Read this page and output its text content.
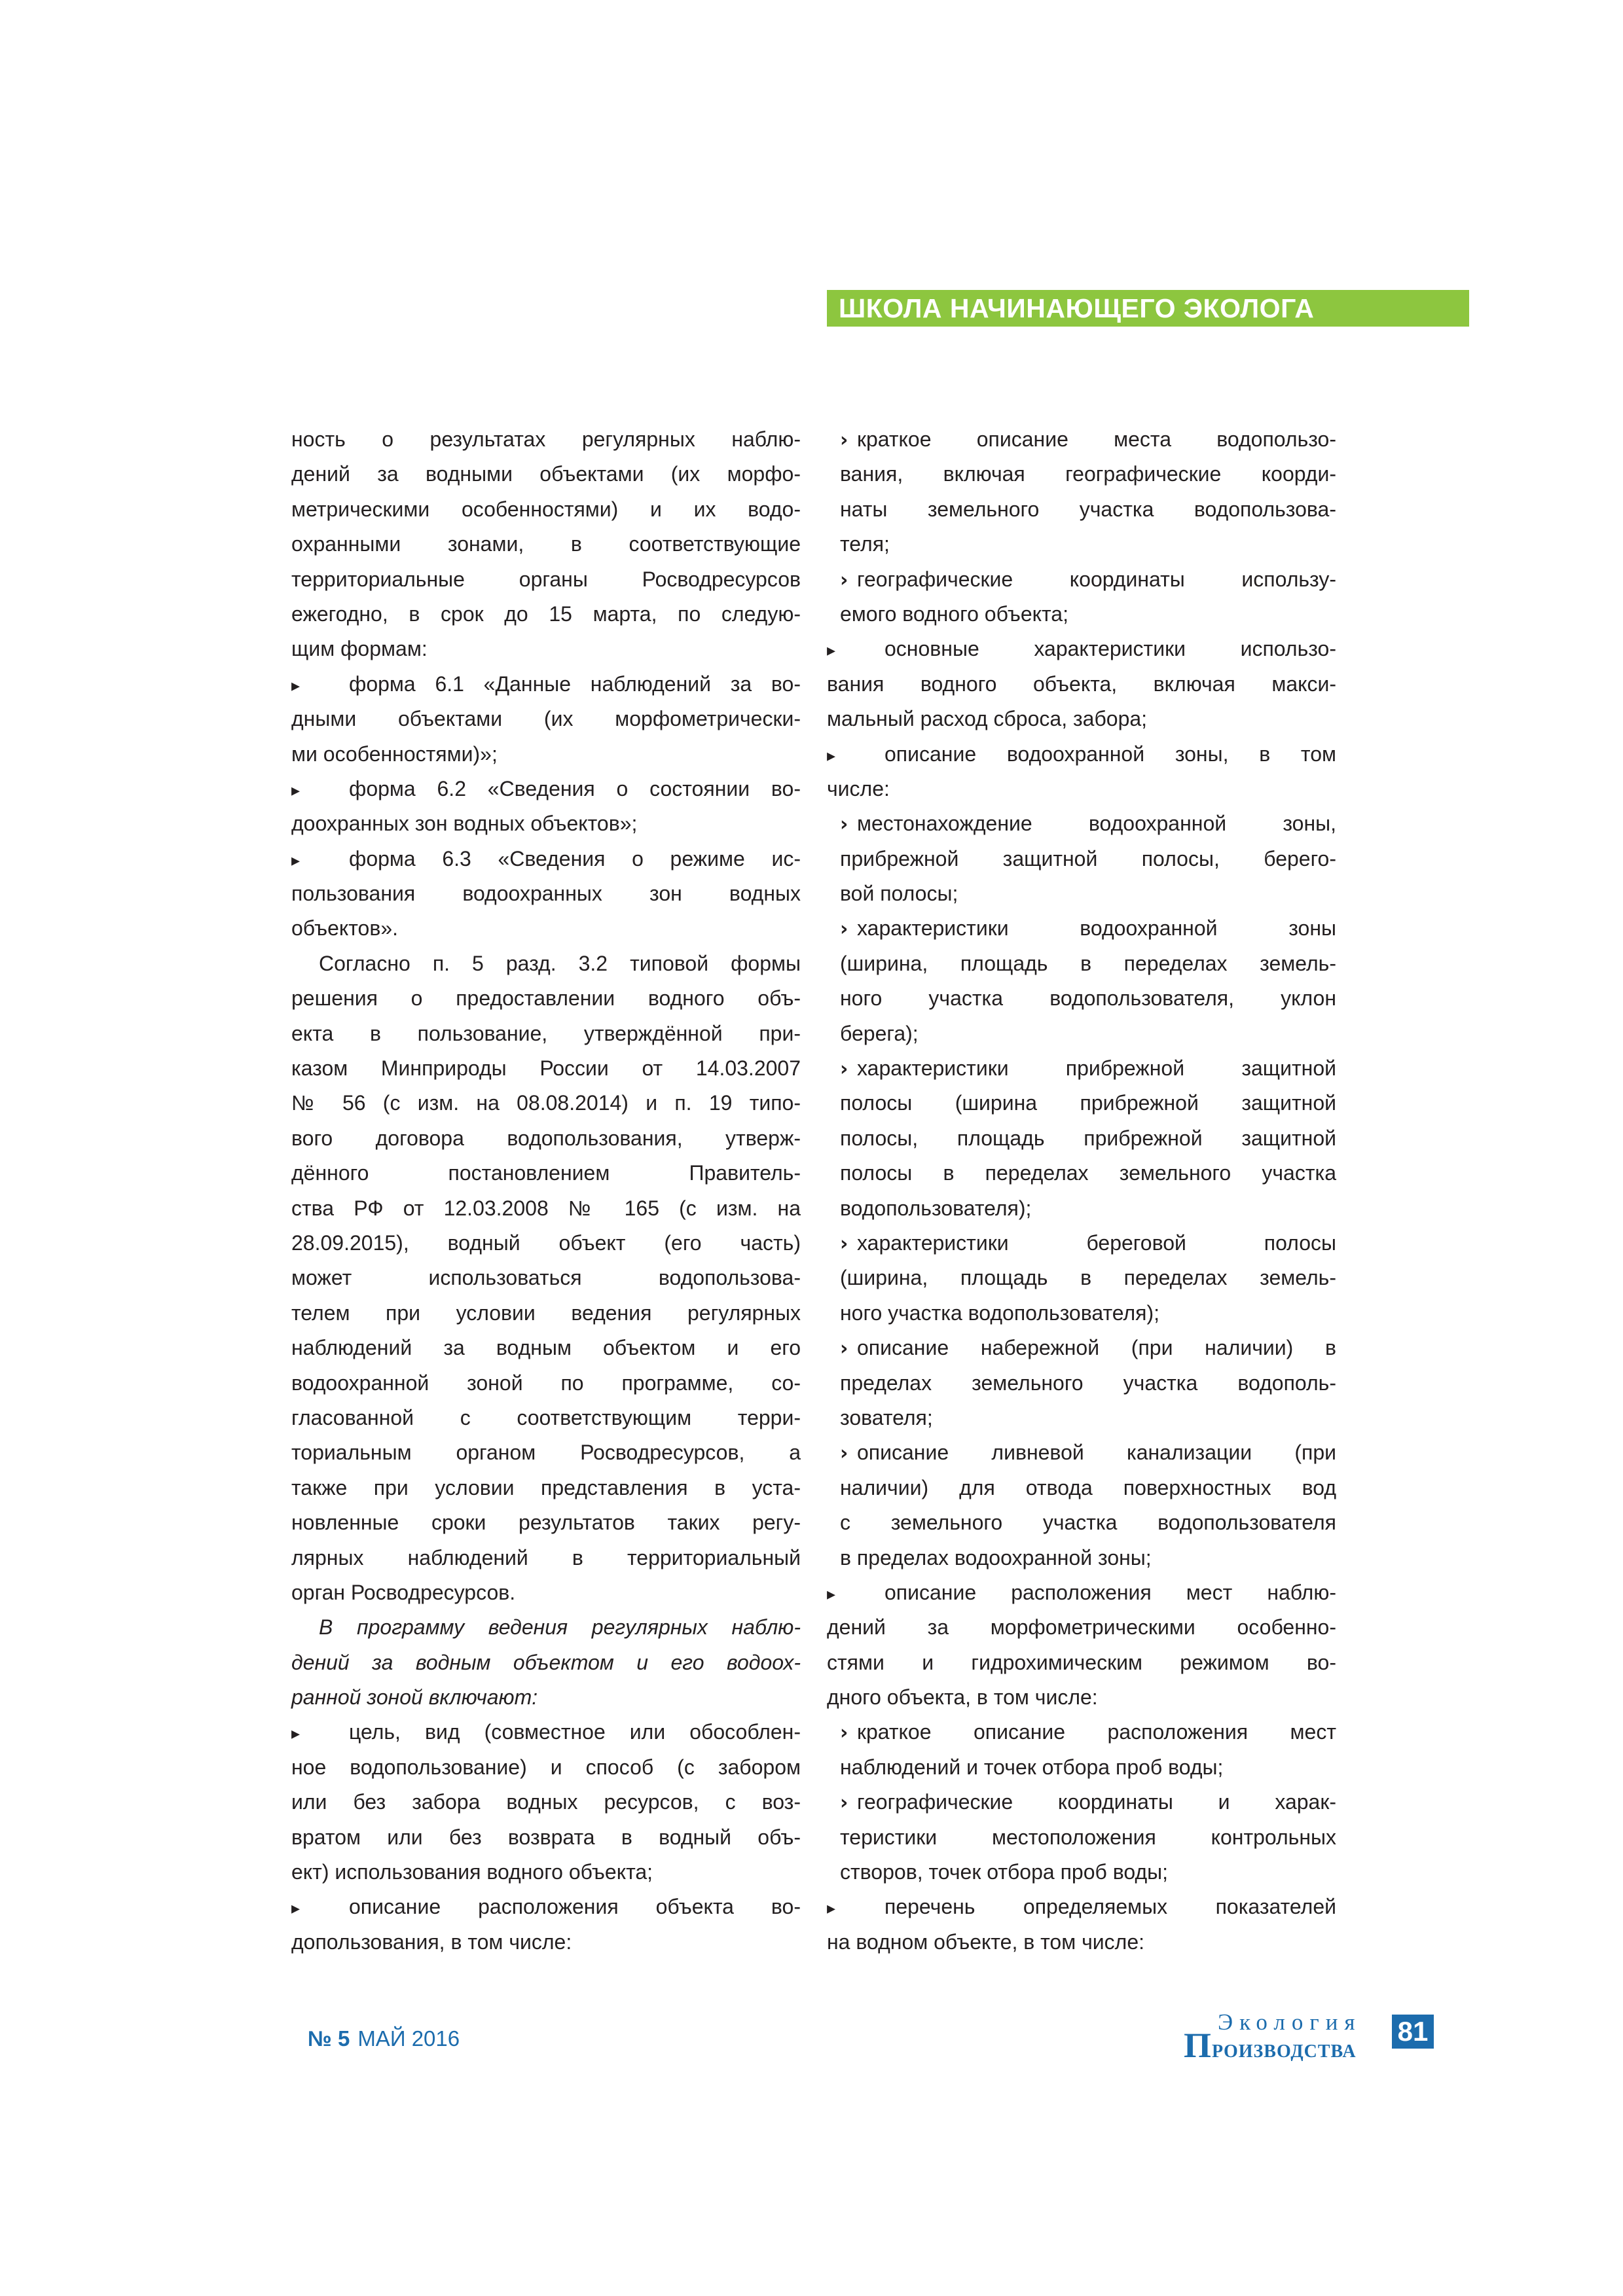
ШКОЛА НАЧИНАЮЩЕГО ЭКОЛОГА
ность о результатах регулярных наблю-
дений за водными объектами (их морфо-
метрическими особенностями) и их водо-
охранными зонами, в соответствующие
территориальные органы Росводресурсов
ежегодно, в срок до 15 марта, по следую-
щим формам:
▸ форма 6.1 «Данные наблюдений за во-
дными объектами (их морфометрически-
ми особенностями)»;
▸ форма 6.2 «Сведения о состоянии во-
доохранных зон водных объектов»;
▸ форма 6.3 «Сведения о режиме ис-
пользования водоохранных зон водных
объектов».
Согласно п. 5 разд. 3.2 типовой формы
решения о предоставлении водного объ-
екта в пользование, утверждённой при-
казом Минприроды России от 14.03.2007
№ 56 (с изм. на 08.08.2014) и п. 19 типо-
вого договора водопользования, утверж-
дённого постановлением Правитель-
ства РФ от 12.03.2008 № 165 (с изм. на
28.09.2015), водный объект (его часть)
может использоваться водопользова-
телем при условии ведения регулярных
наблюдений за водным объектом и его
водоохранной зоной по программе, со-
гласованной с соответствующим терри-
ториальным органом Росводресурсов, а
также при условии представления в уста-
новленные сроки результатов таких регу-
лярных наблюдений в территориальный
орган Росводресурсов.
В программу ведения регулярных наблю-
дений за водным объектом и его водоох-
ранной зоной включают:
▸ цель, вид (совместное или обособлен-
ное водопользование) и способ (с забором
или без забора водных ресурсов, с воз-
вратом или без возврата в водный объ-
ект) использования водного объекта;
▸ описание расположения объекта во-
допользования, в том числе:
› краткое описание места водопользо-
вания, включая географические коорди-
наты земельного участка водопользова-
теля;
› географические координаты использу-
емого водного объекта;
▸ основные характеристики использо-
вания водного объекта, включая макси-
мальный расход сброса, забора;
▸ описание водоохранной зоны, в том
числе:
› местонахождение водоохранной зоны,
прибрежной защитной полосы, берего-
вой полосы;
› характеристики водоохранной зоны
(ширина, площадь в переделах земель-
ного участка водопользователя, уклон
берега);
› характеристики прибрежной защитной
полосы (ширина прибрежной защитной
полосы, площадь прибрежной защитной
полосы в переделах земельного участка
водопользователя);
› характеристики береговой полосы
(ширина, площадь в переделах земель-
ного участка водопользователя);
› описание набережной (при наличии) в
пределах земельного участка водополь-
зователя;
› описание ливневой канализации (при
наличии) для отвода поверхностных вод
с земельного участка водопользователя
в пределах водоохранной зоны;
▸ описание расположения мест наблю-
дений за морфометрическими особенно-
стями и гидрохимическим режимом во-
дного объекта, в том числе:
› краткое описание расположения мест
наблюдений и точек отбора проб воды;
› географические координаты и харак-
теристики местоположения контрольных
створов, точек отбора проб воды;
▸ перечень определяемых показателей
на водном объекте, в том числе:
№ 5 МАЙ 2016
Экология
Производства
81
